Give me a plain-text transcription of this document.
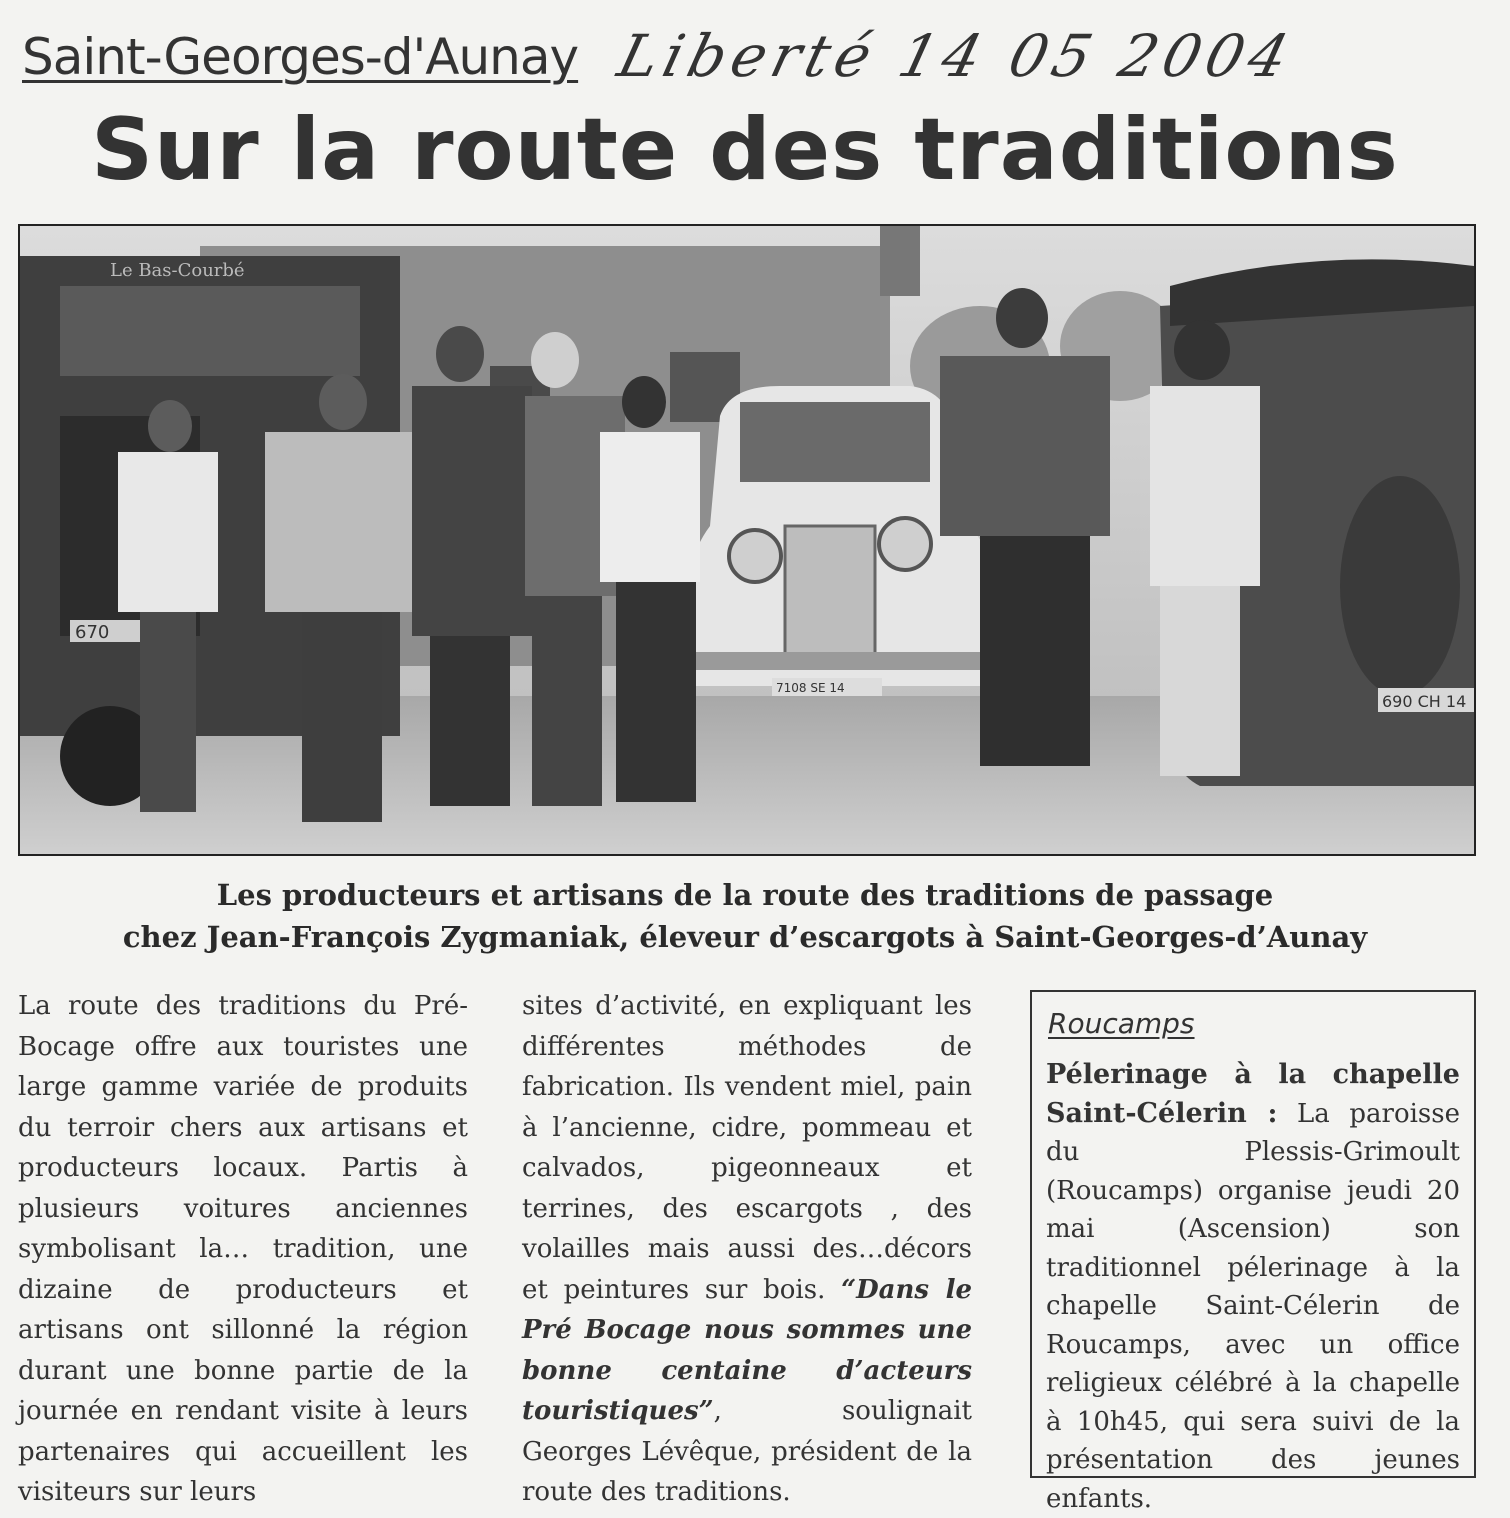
Saint-Georges-d'Aunay Liberté 14 05 2004
Sur la route des traditions
Le Bas-Courbé
670
690 CH 14
7108 SE 14
Les producteurs et artisans de la route des traditions de passage
chez Jean-François Zygmaniak, éleveur d’escargots à Saint-Georges-d’Aunay

La route des traditions du Pré-Bocage offre aux touristes une large gamme variée de produits du terroir chers aux artisans et producteurs locaux. Partis à plusieurs voitures anciennes symbolisant la… tradition, une dizaine de producteurs et artisans ont sillonné la région durant une bonne partie de la journée en rendant visite à leurs partenaires qui accueillent les visiteurs sur leurs

sites d’activité, en expliquant les différentes méthodes de fabrication. Ils vendent miel, pain à l’ancienne, cidre, pommeau et calvados, pigeonneaux et terrines, des escargots , des volailles mais aussi des…décors et peintures sur bois. “Dans le Pré Bocage nous sommes une bonne centaine d’acteurs touristiques”, soulignait Georges Lévêque, président de la route des traditions.

Roucamps

Pélerinage à la chapelle Saint-Célerin : La paroisse du Plessis-Grimoult (Roucamps) organise jeudi 20 mai (Ascension) son traditionnel pélerinage à la chapelle Saint-Célerin de Roucamps, avec un office religieux célébré à la chapelle à 10h45, qui sera suivi de la présentation des jeunes enfants.
